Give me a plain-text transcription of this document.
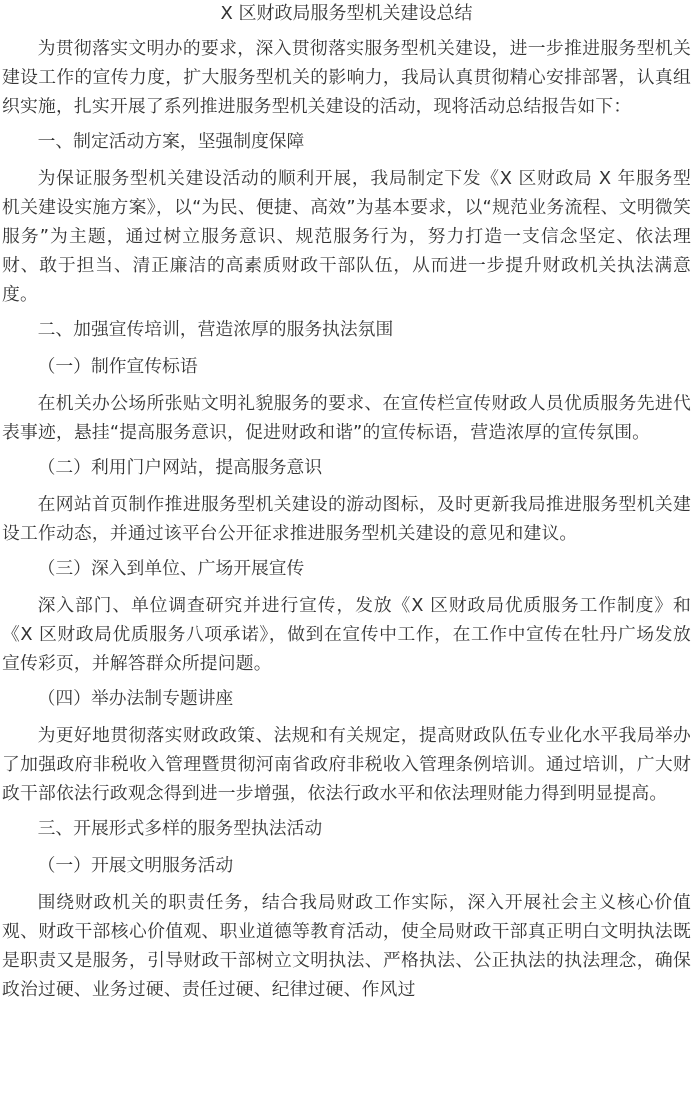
X 区财政局服务型机关建设总结
为贯彻落实文明办的要求，深入贯彻落实服务型机关建设，进一步推进服务型机关建设工作的宣传力度，扩大服务型机关的影响力，我局认真贯彻精心安排部署，认真组织实施，扎实开展了系列推进服务型机关建设的活动，现将活动总结报告如下：
一、制定活动方案，坚强制度保障
为保证服务型机关建设活动的顺利开展，我局制定下发《X 区财政局 X 年服务型机关建设实施方案》，以“为民、便捷、高效”为基本要求，以“规范业务流程、文明微笑服务”为主题，通过树立服务意识、规范服务行为，努力打造一支信念坚定、依法理财、敢于担当、清正廉洁的高素质财政干部队伍，从而进一步提升财政机关执法满意度。
二、加强宣传培训，营造浓厚的服务执法氛围
（一）制作宣传标语
在机关办公场所张贴文明礼貌服务的要求、在宣传栏宣传财政人员优质服务先进代表事迹，悬挂“提高服务意识，促进财政和谐”的宣传标语，营造浓厚的宣传氛围。
（二）利用门户网站，提高服务意识
在网站首页制作推进服务型机关建设的游动图标，及时更新我局推进服务型机关建设工作动态，并通过该平台公开征求推进服务型机关建设的意见和建议。
（三）深入到单位、广场开展宣传
深入部门、单位调查研究并进行宣传，发放《X 区财政局优质服务工作制度》和《X 区财政局优质服务八项承诺》，做到在宣传中工作，在工作中宣传在牡丹广场发放宣传彩页，并解答群众所提问题。
（四）举办法制专题讲座
为更好地贯彻落实财政政策、法规和有关规定，提高财政队伍专业化水平我局举办了加强政府非税收入管理暨贯彻河南省政府非税收入管理条例培训。通过培训，广大财政干部依法行政观念得到进一步增强，依法行政水平和依法理财能力得到明显提高。
三、开展形式多样的服务型执法活动
（一）开展文明服务活动
围绕财政机关的职责任务，结合我局财政工作实际，深入开展社会主义核心价值观、财政干部核心价值观、职业道德等教育活动，使全局财政干部真正明白文明执法既是职责又是服务，引导财政干部树立文明执法、严格执法、公正执法的执法理念，确保政治过硬、业务过硬、责任过硬、纪律过硬、作风过
